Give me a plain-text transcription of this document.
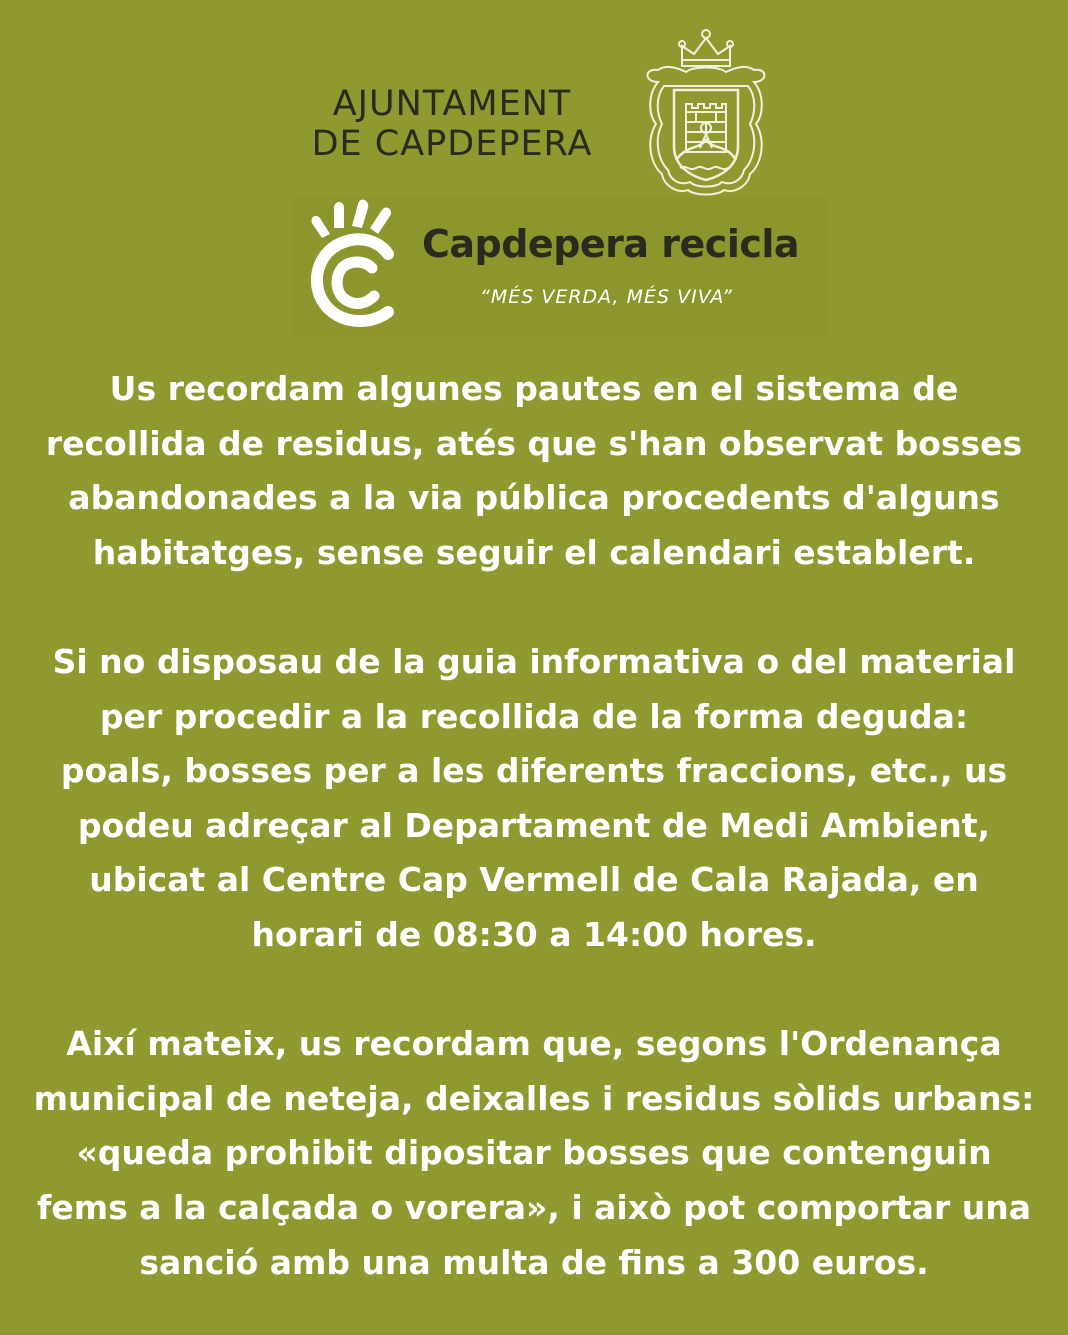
AJUNTAMENT
DE CAPDEPERA
Capdepera recicla
“MÉS VERDA, MÉS VIVA”

Us recordam algunes pautes en el sistema de
recollida de residus, atés que s'han observat bosses
abandonades a la via pública procedents d'alguns
habitatges, sense seguir el calendari establert.

Si no disposau de la guia informativa o del material
per procedir a la recollida de la forma deguda:
poals, bosses per a les diferents fraccions, etc., us
podeu adreçar al Departament de Medi Ambient,
ubicat al Centre Cap Vermell de Cala Rajada, en
horari de 08:30 a 14:00 hores.

Així mateix, us recordam que, segons l'Ordenança
municipal de neteja, deixalles i residus sòlids urbans:
«queda prohibit dipositar bosses que contenguin
fems a la calçada o vorera», i això pot comportar una
sanció amb una multa de fins a 300 euros.
